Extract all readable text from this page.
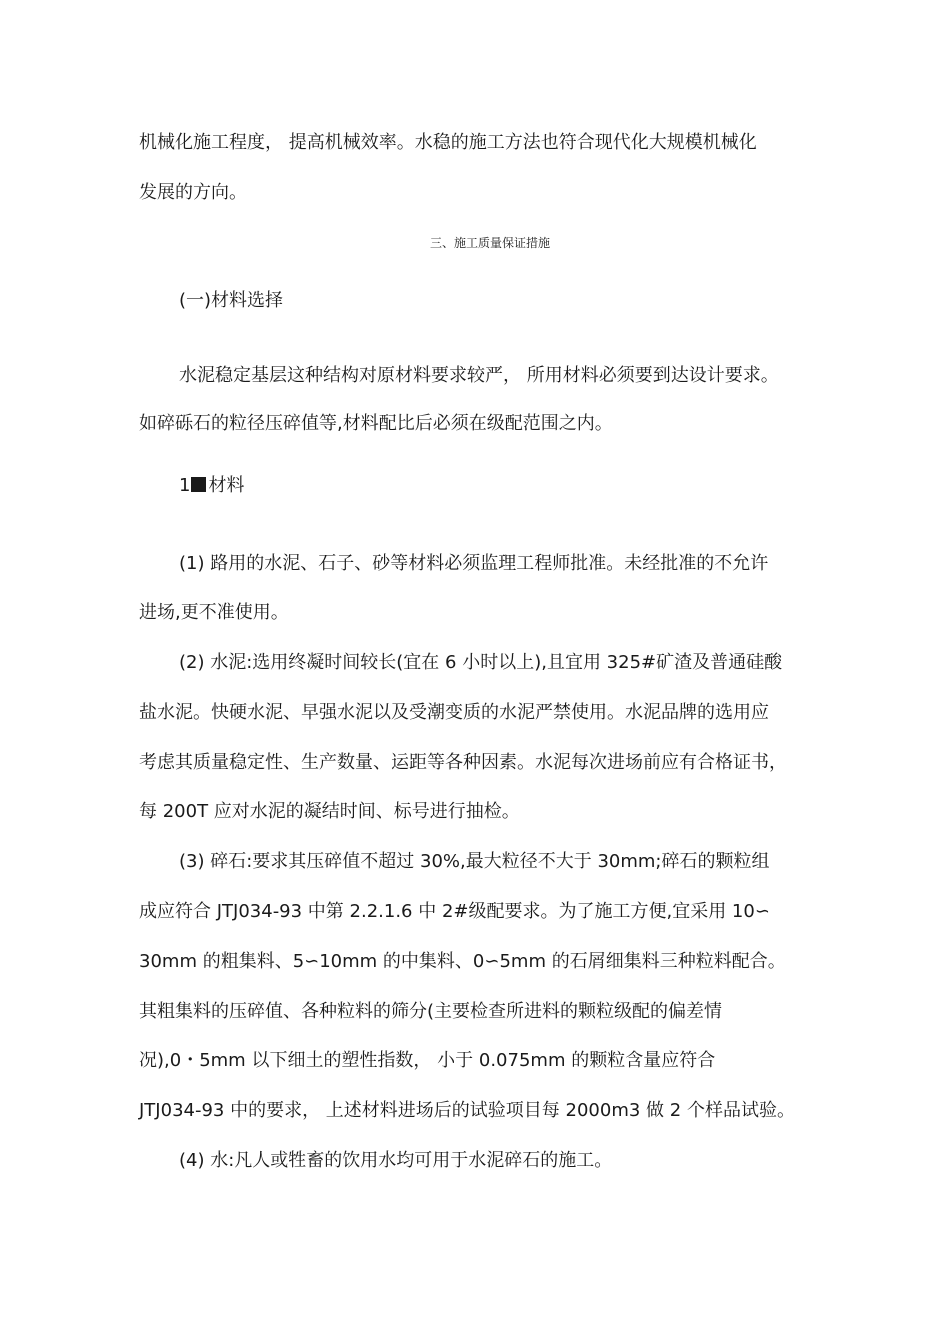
机械化施工程度， 提高机械效率。水稳的施工方法也符合现代化大规模机械化
发展的方向。
三、施工质量保证措施
(一)材料选择
水泥稳定基层这种结构对原材料要求较严， 所用材料必须要到达设计要求。
如碎砾石的粒径压碎值等,材料配比后必须在级配范围之内。
1 材料
(1) 路用的水泥、石子、砂等材料必须监理工程师批准。未经批准的不允许
进场,更不准使用。
(2) 水泥:选用终凝时间较长(宜在 6 小时以上),且宜用 325#矿渣及普通硅酸
盐水泥。快硬水泥、早强水泥以及受潮变质的水泥严禁使用。水泥品牌的选用应
考虑其质量稳定性、生产数量、运距等各种因素。水泥每次进场前应有合格证书，
每 200T 应对水泥的凝结时间、标号进行抽检。
(3) 碎石:要求其压碎值不超过 30%,最大粒径不大于 30mm;碎石的颗粒组
成应符合 JTJ034-93 中第 2.2.1.6 中 2#级配要求。为了施工方便,宜采用 10∽
30mm 的粗集料、5∽10mm 的中集料、0∽5mm 的石屑细集料三种粒料配合。
其粗集料的压碎值、各种粒料的筛分(主要检查所进料的颗粒级配的偏差情
况),0・5mm 以下细土的塑性指数， 小于 0.075mm 的颗粒含量应符合
JTJ034-93 中的要求， 上述材料进场后的试验项目每 2000m3 做 2 个样品试验。
(4) 水:凡人或牲畜的饮用水均可用于水泥碎石的施工。
